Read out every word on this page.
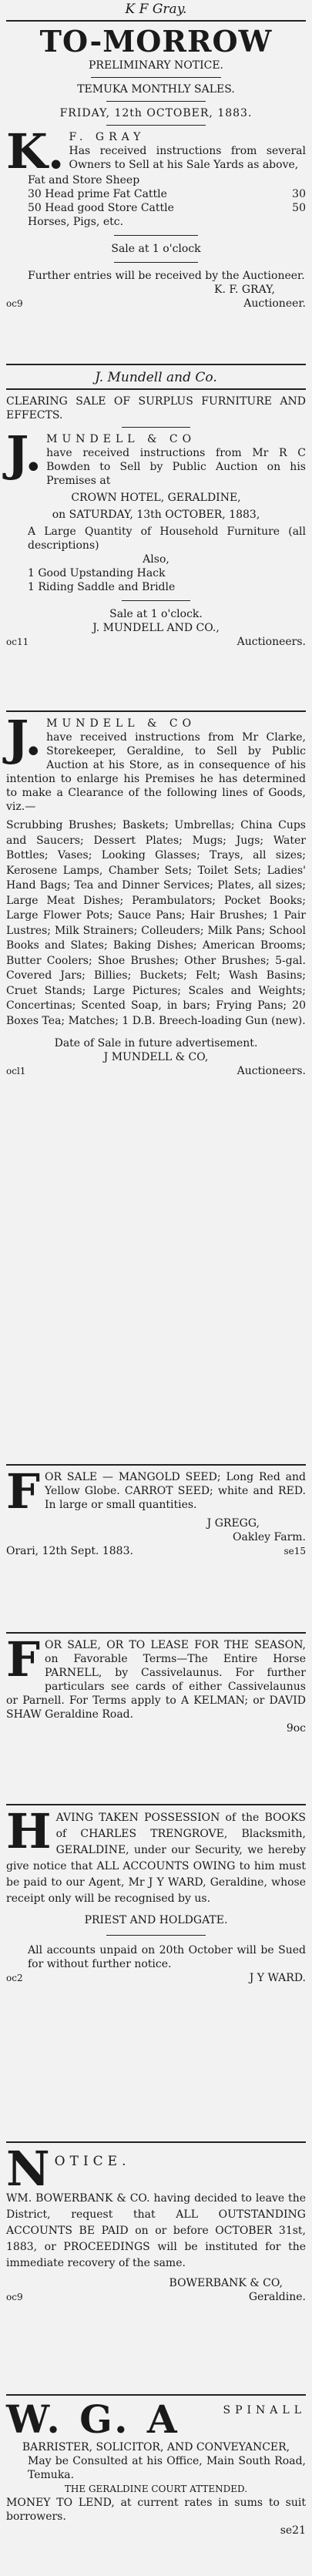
K F Gray.
TO-MORROW
PRELIMINARY NOTICE.
TEMUKA MONTHLY SALES.
FRIDAY, 12th OCTOBER, 1883.
K. F. GRAY
Has received instructions from several Owners to Sell at his Sale Yards as above,
Fat and Store Sheep
30 Head prime Fat Cattle	30
50 Head good Store Cattle	50
Horses, Pigs, etc.
Sale at 1 o'clock
Further entries will be received by the Auctioneer.
K. F. GRAY,
oc9	Auctioneer.
J. Mundell and Co.
CLEARING SALE OF SURPLUS FURNITURE AND EFFECTS.
J. MUNDELL & CO
have received instructions from Mr R C Bowden to Sell by Public Auction on his Premises at
CROWN HOTEL, GERALDINE,
on SATURDAY, 13th OCTOBER, 1883,
A Large Quantity of Household Furniture (all descriptions)
Also,
1 Good Upstanding Hack
1 Riding Saddle and Bridle
Sale at 1 o'clock.
J. MUNDELL AND CO.,
oc11	Auctioneers.
J. MUNDELL & CO
have received instructions from Mr Clarke, Storekeeper, Geraldine, to Sell by Public Auction at his Store, as in consequence of his intention to enlarge his Premises he has determined to make a Clearance of the following lines of Goods, viz.—
Scrubbing Brushes; Baskets; Umbrellas; China Cups and Saucers; Dessert Plates; Mugs; Jugs; Water Bottles; Vases; Looking Glasses; Trays, all sizes; Kerosene Lamps, Chamber Sets; Toilet Sets; Ladies' Hand Bags; Tea and Dinner Services; Plates, all sizes; Large Meat Dishes; Perambulators; Pocket Books; Large Flower Pots; Sauce Pans; Hair Brushes; 1 Pair Lustres; Milk Strainers; Colleuders; Milk Pans; School Books and Slates; Baking Dishes; American Brooms; Butter Coolers; Shoe Brushes; Other Brushes; 5-gal. Covered Jars; Billies; Buckets; Felt; Wash Basins; Cruet Stands; Large Pictures; Scales and Weights; Concertinas; Scented Soap, in bars; Frying Pans; 20 Boxes Tea; Matches; 1 D.B. Breech-loading Gun (new).
Date of Sale in future advertisement.
J MUNDELL & CO,
ocl1	Auctioneers.
F OR SALE — MANGOLD SEED; Long Red and Yellow Globe. CARROT SEED; white and RED. In large or small quantities.
J GREGG,
Oakley Farm.
Orari, 12th Sept. 1883.	se15
F OR SALE, OR TO LEASE FOR THE SEASON, on Favorable Terms—The Entire Horse PARNELL, by Cassivelaunus. For further particulars see cards of either Cassivelaunus or Parnell. For Terms apply to A KELMAN; or DAVID SHAW Geraldine Road.
9oc
H AVING TAKEN POSSESSION of the BOOKS of CHARLES TRENGROVE, Blacksmith, GERALDINE, under our Security, we hereby give notice that ALL ACCOUNTS OWING to him must be paid to our Agent, Mr J Y WARD, Geraldine, whose receipt only will be recognised by us.
PRIEST AND HOLDGATE.
All accounts unpaid on 20th October will be Sued for without further notice.
oc2	J Y WARD.
N OTICE.
WM. BOWERBANK & CO. having decided to leave the District, request that ALL OUTSTANDING ACCOUNTS BE PAID on or before OCTOBER 31st, 1883, or PROCEEDINGS will be instituted for the immediate recovery of the same.
BOWERBANK & CO,
oc9	Geraldine.
W. G. A	SPINALL
BARRISTER, SOLICITOR, AND CONVEYANCER,
May be Consulted at his Office, Main South Road, Temuka.
THE GERALDINE COURT ATTENDED.
MONEY TO LEND, at current rates in sums to suit borrowers.
se21
